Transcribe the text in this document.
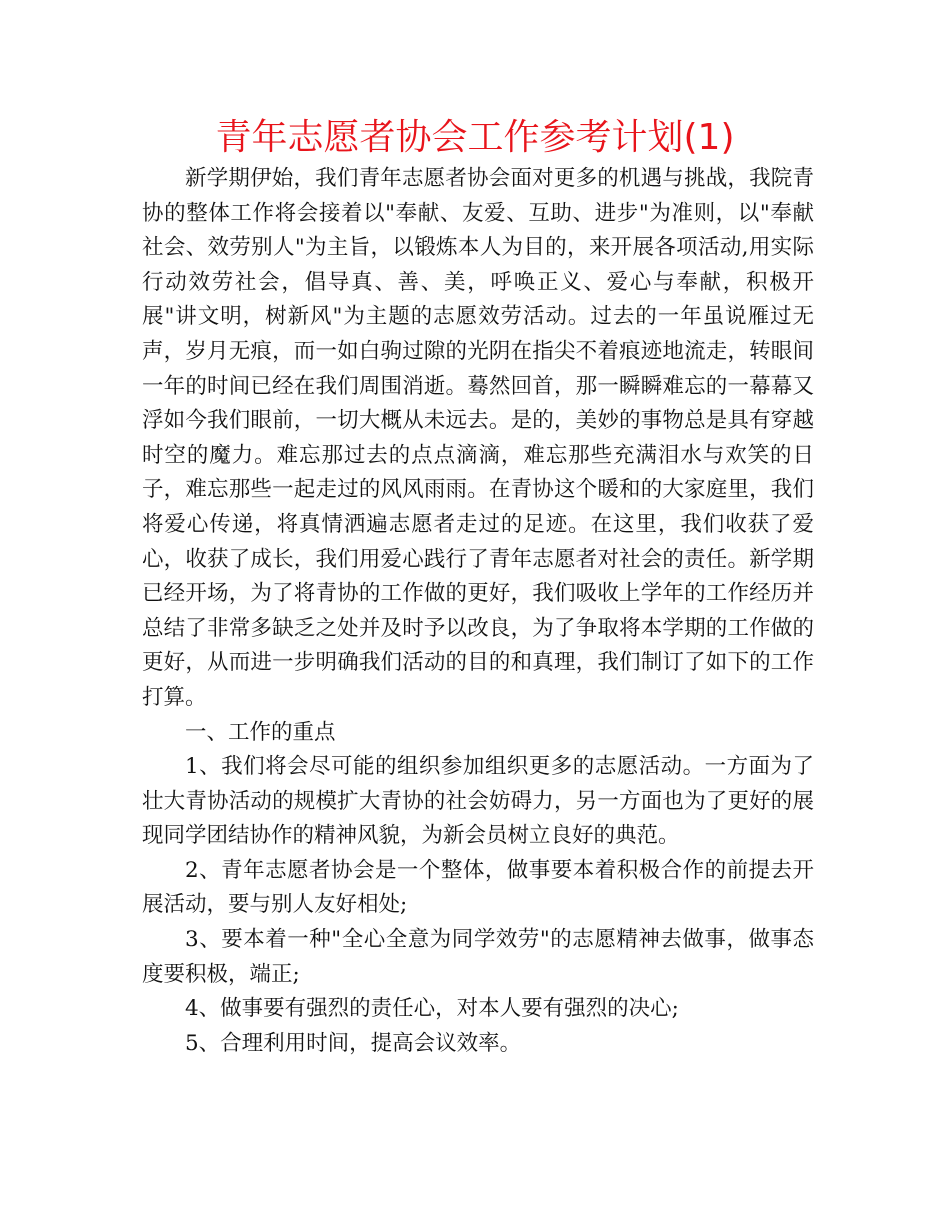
青年志愿者协会工作参考计划(1)

新学期伊始，我们青年志愿者协会面对更多的机遇与挑战，我院青协的整体工作将会接着以"奉献、友爱、互助、进步"为准则，以"奉献社会、效劳别人"为主旨，以锻炼本人为目的，来开展各项活动,用实际行动效劳社会，倡导真、善、美，呼唤正义、爱心与奉献，积极开展"讲文明，树新风"为主题的志愿效劳活动。过去的一年虽说雁过无声，岁月无痕，而一如白驹过隙的光阴在指尖不着痕迹地流走，转眼间一年的时间已经在我们周围消逝。蓦然回首，那一瞬瞬难忘的一幕幕又浮如今我们眼前，一切大概从未远去。是的，美妙的事物总是具有穿越时空的魔力。难忘那过去的点点滴滴，难忘那些充满泪水与欢笑的日子，难忘那些一起走过的风风雨雨。在青协这个暖和的大家庭里，我们将爱心传递，将真情洒遍志愿者走过的足迹。在这里，我们收获了爱心，收获了成长，我们用爱心践行了青年志愿者对社会的责任。新学期已经开场，为了将青协的工作做的更好，我们吸收上学年的工作经历并总结了非常多缺乏之处并及时予以改良，为了争取将本学期的工作做的更好，从而进一步明确我们活动的目的和真理，我们制订了如下的工作打算。

一、工作的重点

1、我们将会尽可能的组织参加组织更多的志愿活动。一方面为了壮大青协活动的规模扩大青协的社会妨碍力，另一方面也为了更好的展现同学团结协作的精神风貌，为新会员树立良好的典范。

2、青年志愿者协会是一个整体，做事要本着积极合作的前提去开展活动，要与别人友好相处;

3、要本着一种"全心全意为同学效劳"的志愿精神去做事，做事态度要积极，端正;

4、做事要有强烈的责任心，对本人要有强烈的决心;

5、合理利用时间，提高会议效率。
